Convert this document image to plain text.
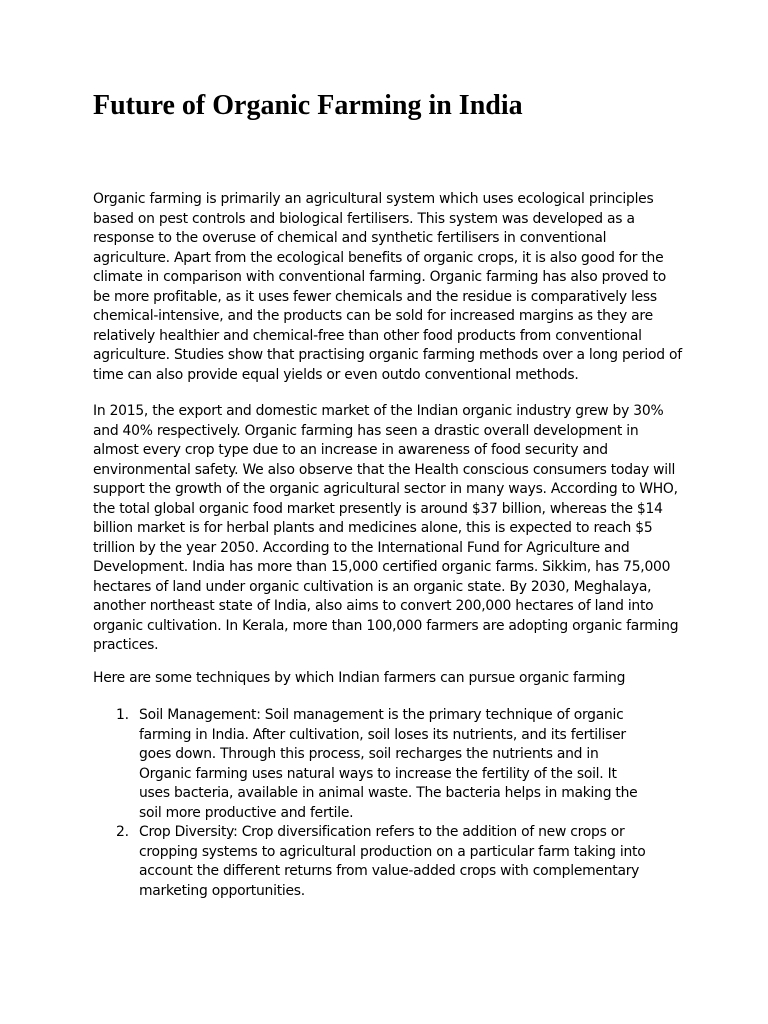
Future of Organic Farming in India

Organic farming is primarily an agricultural system which uses ecological principles based on pest controls and biological fertilisers. This system was developed as a response to the overuse of chemical and synthetic fertilisers in conventional agriculture. Apart from the ecological benefits of organic crops, it is also good for the climate in comparison with conventional farming. Organic farming has also proved to be more profitable, as it uses fewer chemicals and the residue is comparatively less chemical-intensive, and the products can be sold for increased margins as they are relatively healthier and chemical-free than other food products from conventional agriculture. Studies show that practising organic farming methods over a long period of time can also provide equal yields or even outdo conventional methods.

In 2015, the export and domestic market of the Indian organic industry grew by 30% and 40% respectively. Organic farming has seen a drastic overall development in almost every crop type due to an increase in awareness of food security and environmental safety. We also observe that the Health conscious consumers today will support the growth of the organic agricultural sector in many ways. According to WHO, the total global organic food market presently is around $37 billion, whereas the $14 billion market is for herbal plants and medicines alone, this is expected to reach $5 trillion by the year 2050. According to the International Fund for Agriculture and Development. India has more than 15,000 certified organic farms. Sikkim, has 75,000 hectares of land under organic cultivation is an organic state. By 2030, Meghalaya, another northeast state of India, also aims to convert 200,000 hectares of land into organic cultivation. In Kerala, more than 100,000 farmers are adopting organic farming practices.

Here are some techniques by which Indian farmers can pursue organic farming

1. Soil Management: Soil management is the primary technique of organic farming in India. After cultivation, soil loses its nutrients, and its fertiliser goes down. Through this process, soil recharges the nutrients and in Organic farming uses natural ways to increase the fertility of the soil. It uses bacteria, available in animal waste. The bacteria helps in making the soil more productive and fertile.
2. Crop Diversity: Crop diversification refers to the addition of new crops or cropping systems to agricultural production on a particular farm taking into account the different returns from value-added crops with complementary marketing opportunities.
